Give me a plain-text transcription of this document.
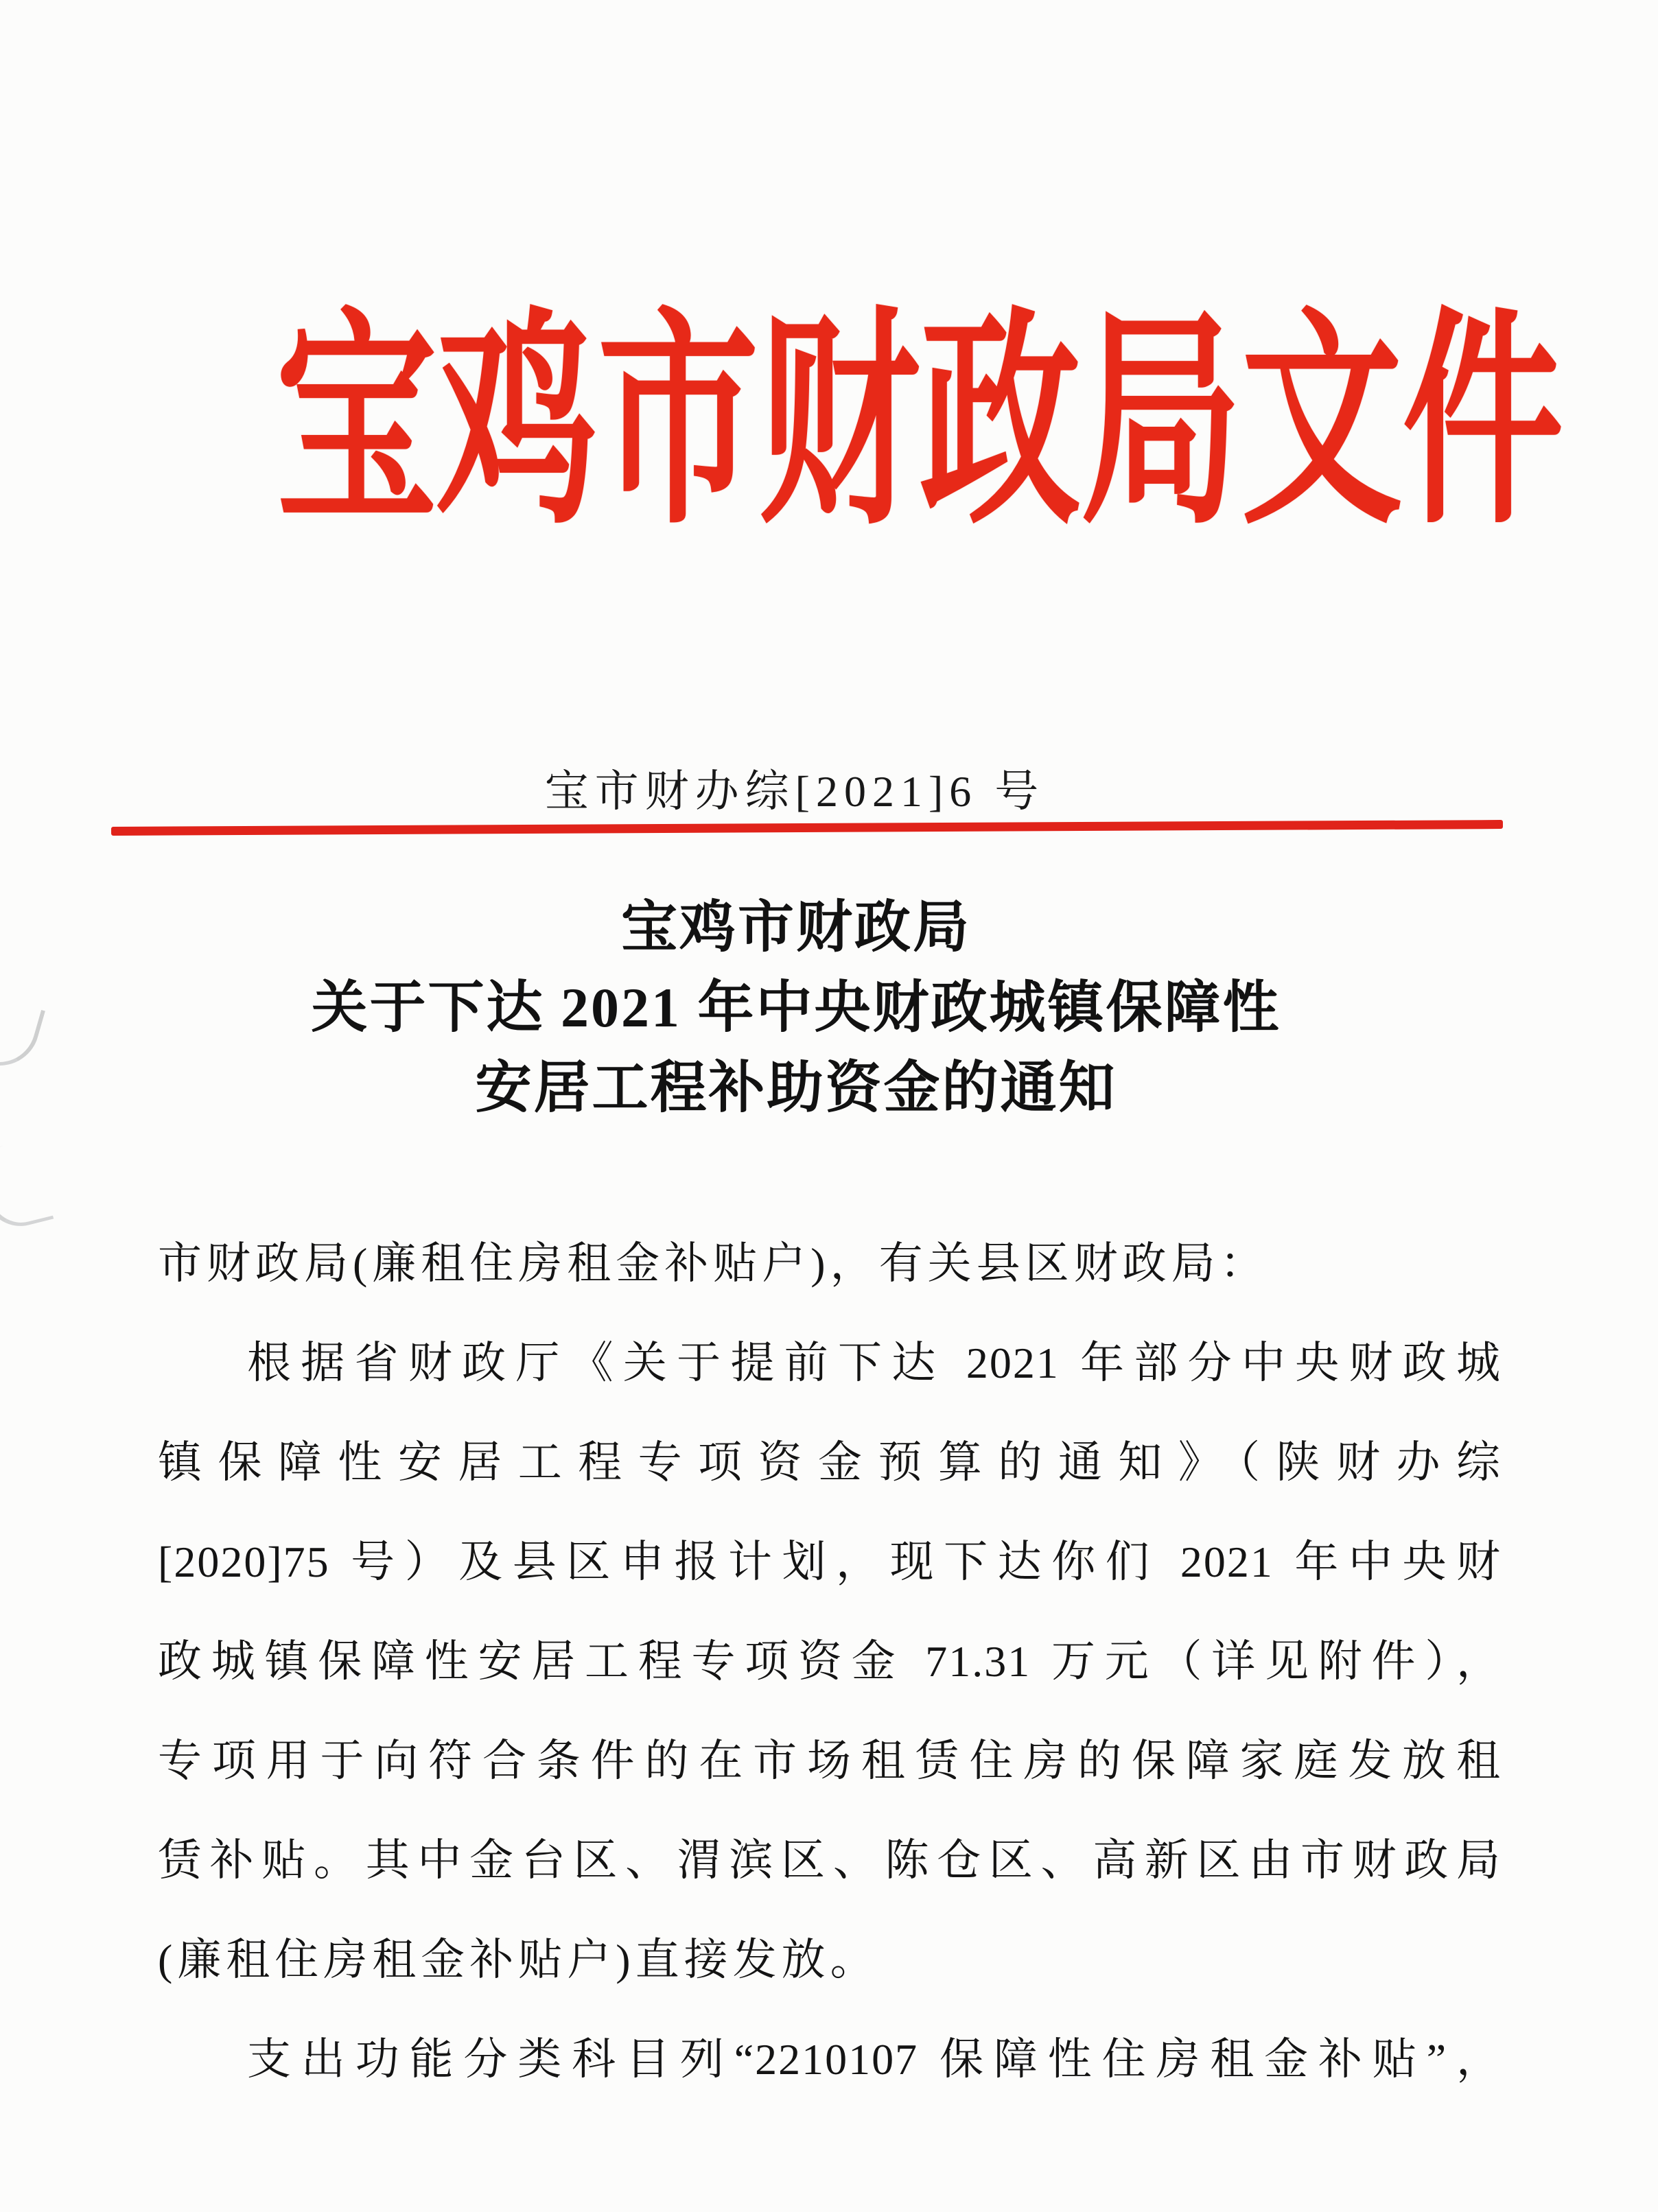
宝鸡市财政局文件
宝市财办综[2021]6 号
宝鸡市财政局
关于下达 2021 年中央财政城镇保障性
安居工程补助资金的通知
市财政局(廉租住房租金补贴户)，有关县区财政局：
根据省财政厅《关于提前下达 2021 年部分中央财政城
镇保障性安居工程专项资金预算的通知》（陕财办综
[2020]75 号）及县区申报计划，现下达你们 2021 年中央财
政城镇保障性安居工程专项资金 71.31 万元（详见附件），
专项用于向符合条件的在市场租赁住房的保障家庭发放租
赁补贴。其中金台区、渭滨区、陈仓区、高新区由市财政局
(廉租住房租金补贴户)直接发放。
支出功能分类科目列“2210107 保障性住房租金补贴”，
